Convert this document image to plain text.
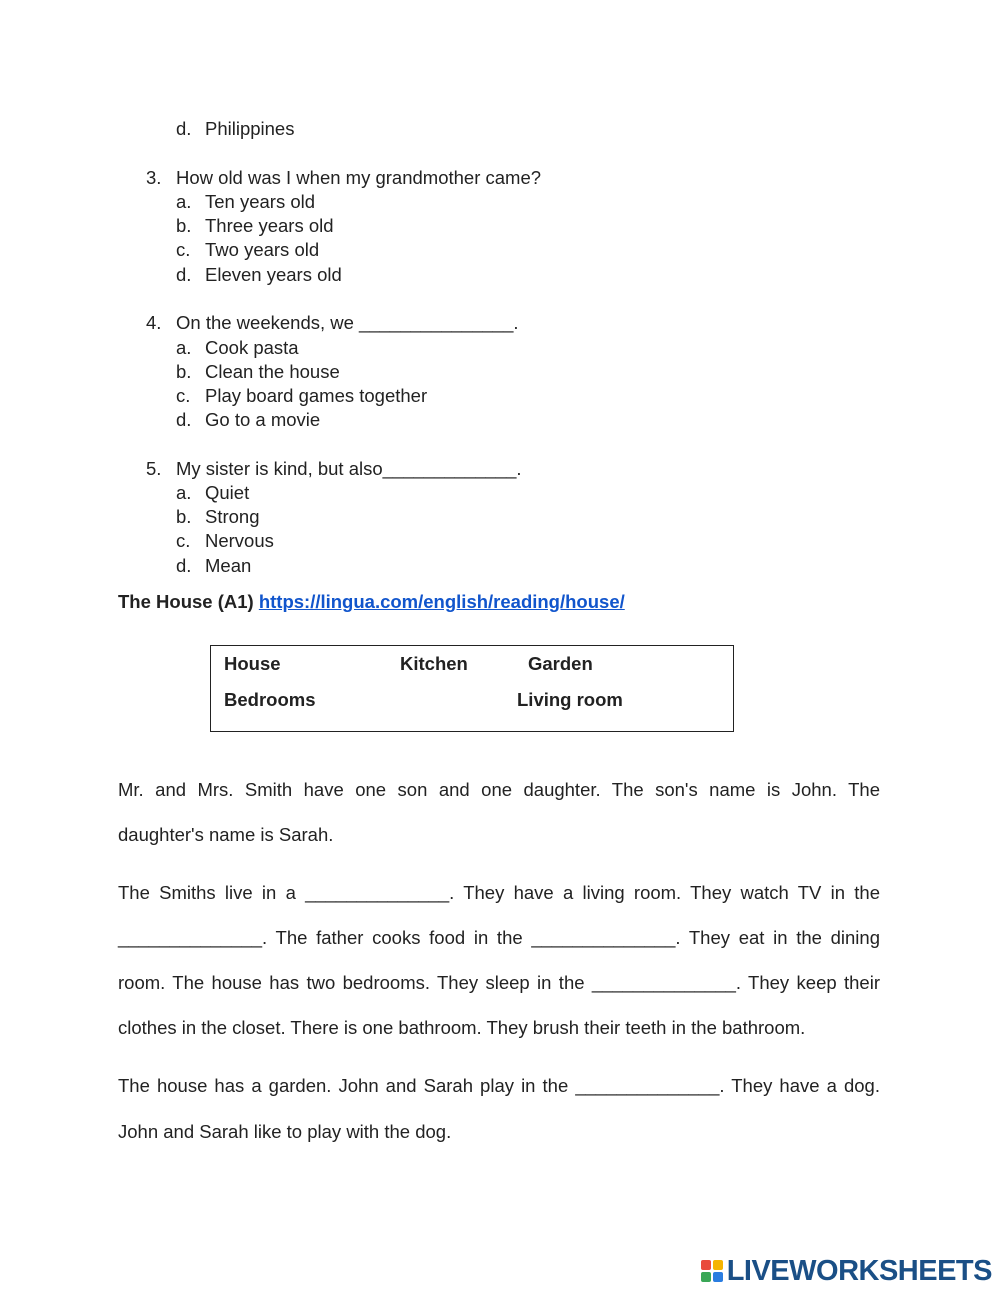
d. Philippines
3. How old was I when my grandmother came?
a. Ten years old
b. Three years old
c. Two years old
d. Eleven years old
4. On the weekends, we _______________.
a. Cook pasta
b. Clean the house
c. Play board games together
d. Go to a movie
5. My sister is kind, but also_____________.
a. Quiet
b. Strong
c. Nervous
d. Mean
The House (A1) https://lingua.com/english/reading/house/
House	Kitchen	Garden
Bedrooms	Living room
Mr. and Mrs. Smith have one son and one daughter. The son's name is John. The
daughter's name is Sarah.
The Smiths live in a ______________. They have a living room. They watch TV in the
______________. The father cooks food in the ______________. They eat in the dining
room. The house has two bedrooms. They sleep in the ______________. They keep their
clothes in the closet. There is one bathroom. They brush their teeth in the bathroom.
The house has a garden. John and Sarah play in the ______________. They have a dog.
John and Sarah like to play with the dog.
LIVEWORKSHEETS
